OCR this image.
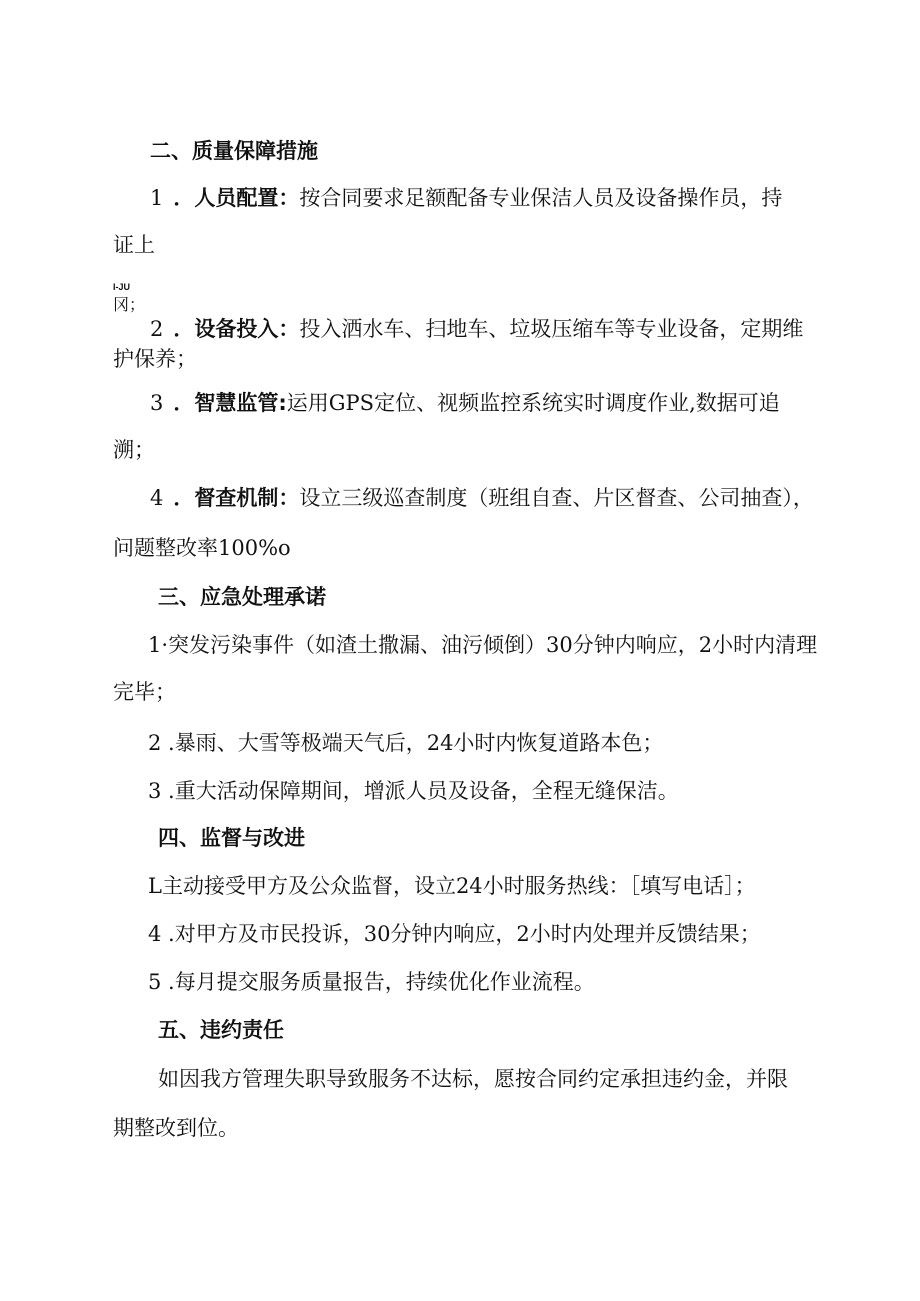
二、质量保障措施
1 ．人员配置：按合同要求足额配备专业保洁人员及设备操作员，持
证上
I-JU
冈；
2 ．设备投入：投入洒水车、扫地车、垃圾压缩车等专业设备，定期维
护保养；
3 ．智慧监管:运用GPS定位、视频监控系统实时调度作业,数据可追
溯；
4 ．督查机制：设立三级巡查制度（班组自查、片区督查、公司抽查），
问题整改率100%o
三、应急处理承诺
1·突发污染事件（如渣土撒漏、油污倾倒）30分钟内响应，2小时内清理
完毕；
2 .暴雨、大雪等极端天气后，24小时内恢复道路本色；
3 .重大活动保障期间，增派人员及设备，全程无缝保洁。
四、监督与改进
L主动接受甲方及公众监督，设立24小时服务热线：［填写电话］；
4 .对甲方及市民投诉，30分钟内响应，2小时内处理并反馈结果；
5 .每月提交服务质量报告，持续优化作业流程。
五、违约责任
如因我方管理失职导致服务不达标，愿按合同约定承担违约金，并限
期整改到位。
